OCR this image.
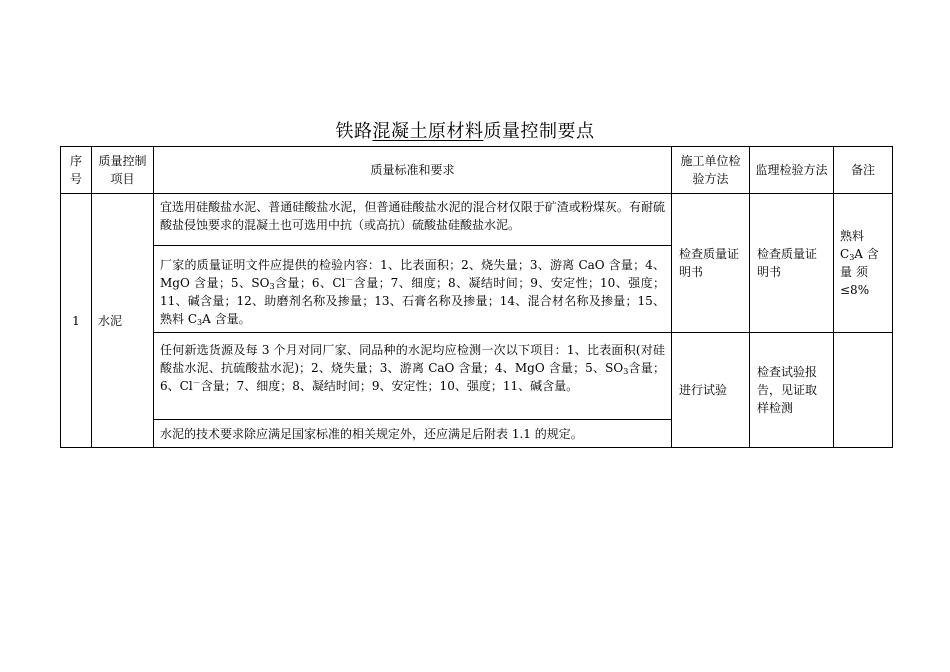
铁路混凝土原材料质量控制要点
序号	质量控制项目	质量标准和要求	施工单位检验方法	监理检验方法	备注
1	水泥	宜选用硅酸盐水泥、普通硅酸盐水泥，但普通硅酸盐水泥的混合材仅限于矿渣或粉煤灰。有耐硫酸盐侵蚀要求的混凝土也可选用中抗（或高抗）硫酸盐硅酸盐水泥。	检查质量证明书	检查质量证明书	熟料 $C_3A$ 含 量 须≤8%
		厂家的质量证明文件应提供的检验内容：1、比表面积；2、烧失量；3、游离 CaO 含量；4、MgO 含量；5、$SO_3$含量；6、Cl－含量；7、细度；8、凝结时间；9、安定性；10、强度；11、碱含量；12、助磨剂名称及掺量；13、石膏名称及掺量；14、混合材名称及掺量；15、熟料 $C_3A$ 含量。			
		任何新选货源及每 3 个月对同厂家、同品种的水泥均应检测一次以下项目：1、比表面积(对硅酸盐水泥、抗硫酸盐水泥)；2、烧失量；3、游离 CaO 含量；4、MgO 含量；5、$SO_3$含量；6、Cl－含量；7、细度；8、凝结时间；9、安定性；10、强度；11、碱含量。	进行试验	检查试验报告，见证取样检测	
		水泥的技术要求除应满足国家标准的相关规定外，还应满足后附表 1.1 的规定。			
